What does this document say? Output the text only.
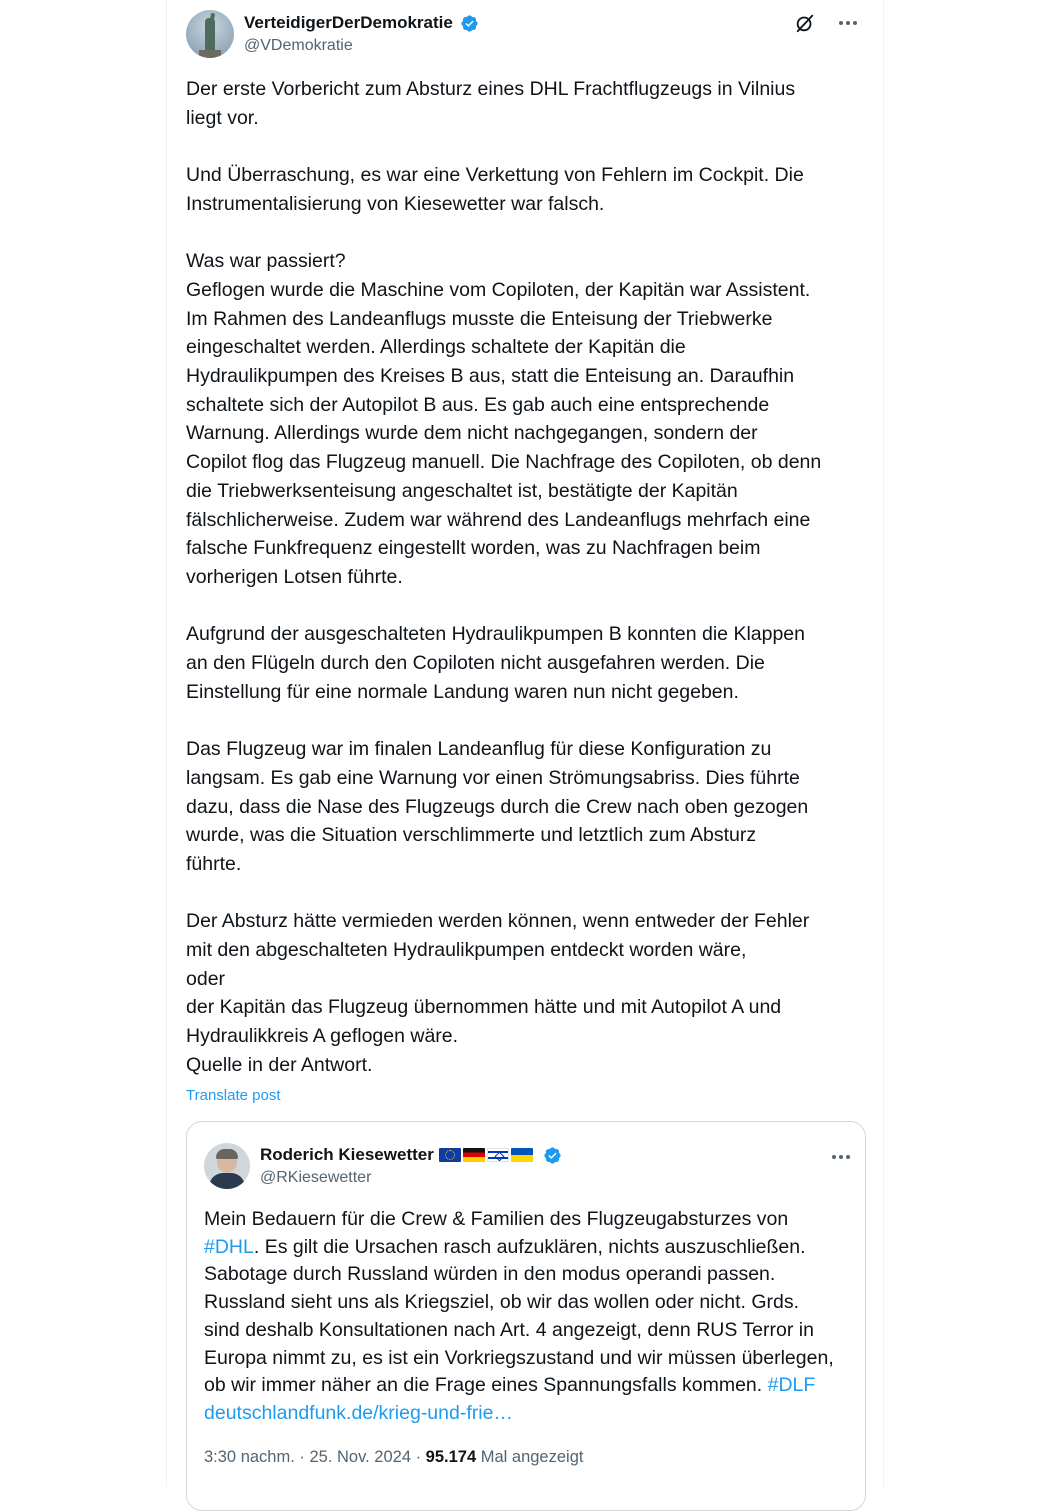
VerteidigerDerDemokratie
@VDemokratie

Der erste Vorbericht zum Absturz eines DHL Frachtflugzeugs in Vilnius

liegt vor.

Und Überraschung, es war eine Verkettung von Fehlern im Cockpit. Die

Instrumentalisierung von Kiesewetter war falsch.

Was war passiert?

Geflogen wurde die Maschine vom Copiloten, der Kapitän war Assistent.

Im Rahmen des Landeanflugs musste die Enteisung der Triebwerke

eingeschaltet werden. Allerdings schaltete der Kapitän die

Hydraulikpumpen des Kreises B aus, statt die Enteisung an. Daraufhin

schaltete sich der Autopilot B aus. Es gab auch eine entsprechende

Warnung. Allerdings wurde dem nicht nachgegangen, sondern der

Copilot flog das Flugzeug manuell. Die Nachfrage des Copiloten, ob denn

die Triebwerksenteisung angeschaltet ist, bestätigte der Kapitän

fälschlicherweise. Zudem war während des Landeanflugs mehrfach eine

falsche Funkfrequenz eingestellt worden, was zu Nachfragen beim

vorherigen Lotsen führte.

Aufgrund der ausgeschalteten Hydraulikpumpen B konnten die Klappen

an den Flügeln durch den Copiloten nicht ausgefahren werden. Die

Einstellung für eine normale Landung waren nun nicht gegeben.

Das Flugzeug war im finalen Landeanflug für diese Konfiguration zu

langsam. Es gab eine Warnung vor einen Strömungsabriss. Dies führte

dazu, dass die Nase des Flugzeugs durch die Crew nach oben gezogen

wurde, was die Situation verschlimmerte und letztlich zum Absturz

führte.

Der Absturz hätte vermieden werden können, wenn entweder der Fehler

mit den abgeschalteten Hydraulikpumpen entdeckt worden wäre,

oder

der Kapitän das Flugzeug übernommen hätte und mit Autopilot A und

Hydraulikkreis A geflogen wäre.

Quelle in der Antwort.

Translate post
Roderich Kiesewetter

@RKiesewetter

Mein Bedauern für die Crew & Familien des Flugzeugabsturzes von

#DHL. Es gilt die Ursachen rasch aufzuklären, nichts auszuschließen.

Sabotage durch Russland würden in den modus operandi passen.

Russland sieht uns als Kriegsziel, ob wir das wollen oder nicht. Grds.

sind deshalb Konsultationen nach Art. 4 angezeigt, denn RUS Terror in

Europa nimmt zu, es ist ein Vorkriegszustand und wir müssen überlegen,

ob wir immer näher an die Frage eines Spannungsfalls kommen. #DLF

deutschlandfunk.de/krieg-und-frie…

3:30 nachm. · 25. Nov. 2024 · 95.174 Mal angezeigt
